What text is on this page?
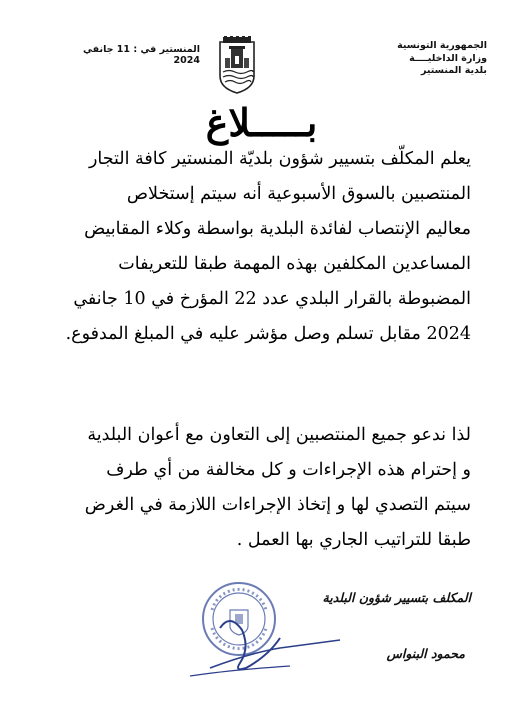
الجمهورية التونسية
وزارة الداخليــــة
بلدية المنستير
المنستير في : 11 جانفي 2024
بـــــلاغ
يعلم المكلّف بتسيير شؤون بلديّة المنستير كافة التجار
المنتصبين بالسوق الأسبوعية أنه سيتم إستخلاص
معاليم الإنتصاب لفائدة البلدية بواسطة وكلاء المقابيض
المساعدين المكلفين بهذه المهمة طبقا للتعريفات
المضبوطة بالقرار البلدي عدد 22 المؤرخ في 10 جانفي
2024 مقابل تسلم وصل مؤشر عليه في المبلغ المدفوع.
لذا ندعو جميع المنتصبين إلى التعاون مع أعوان البلدية
و إحترام هذه الإجراءات و كل مخالفة من أي طرف
سيتم التصدي لها و إتخاذ الإجراءات اللازمة في الغرض
طبقا للتراتيب الجاري بها العمل .
المكلف بتسيير شؤون البلدية
محمود البنواس
